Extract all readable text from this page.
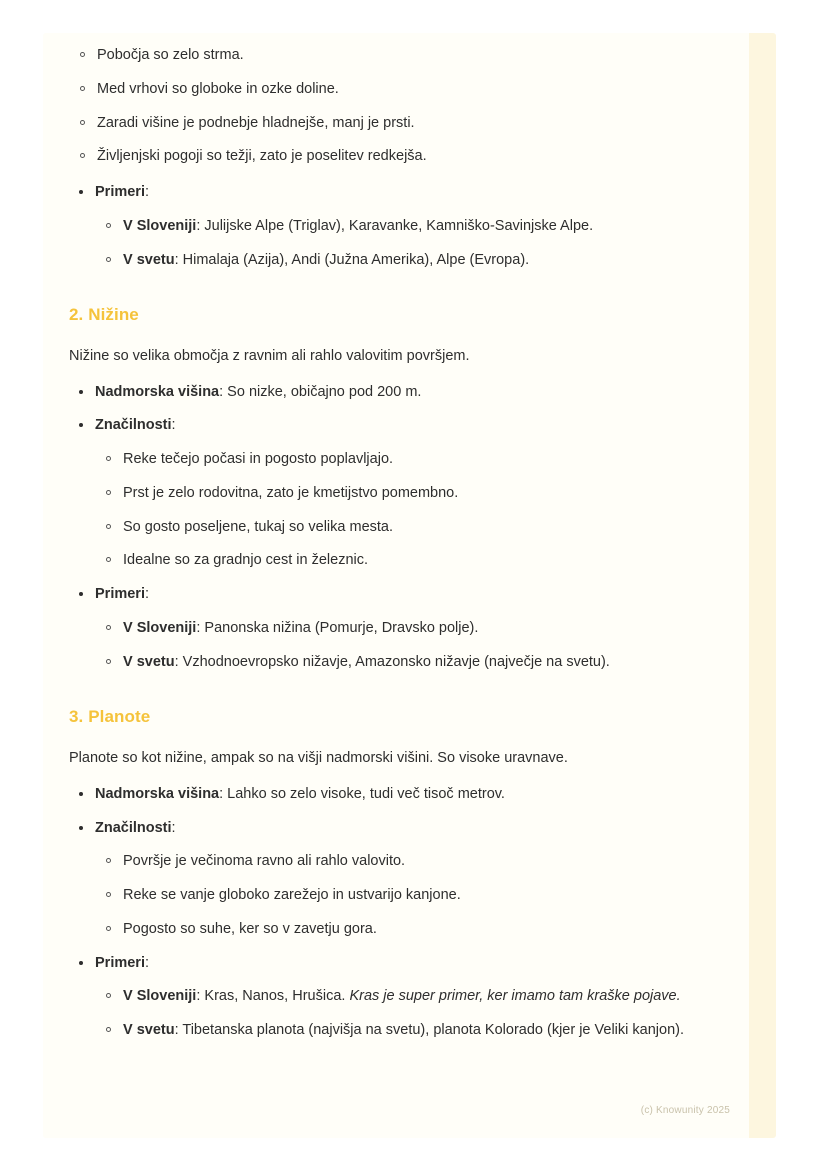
Pobočja so zelo strma.
Med vrhovi so globoke in ozke doline.
Zaradi višine je podnebje hladnejše, manj je prsti.
Življenjski pogoji so težji, zato je poselitev redkejša.
Primeri:
V Sloveniji: Julijske Alpe (Triglav), Karavanke, Kamniško-Savinjske Alpe.
V svetu: Himalaja (Azija), Andi (Južna Amerika), Alpe (Evropa).
2. Nižine

Nižine so velika območja z ravnim ali rahlo valovitim površjem.

Nadmorska višina: So nizke, običajno pod 200 m.
Značilnosti:
Reke tečejo počasi in pogosto poplavljajo.
Prst je zelo rodovitna, zato je kmetijstvo pomembno.
So gosto poseljene, tukaj so velika mesta.
Idealne so za gradnjo cest in železnic.
Primeri:
V Sloveniji: Panonska nižina (Pomurje, Dravsko polje).
V svetu: Vzhodnoevropsko nižavje, Amazonsko nižavje (največje na svetu).
3. Planote

Planote so kot nižine, ampak so na višji nadmorski višini. So visoke uravnave.

Nadmorska višina: Lahko so zelo visoke, tudi več tisoč metrov.
Značilnosti:
Površje je večinoma ravno ali rahlo valovito.
Reke se vanje globoko zarežejo in ustvarijo kanjone.
Pogosto so suhe, ker so v zavetju gora.
Primeri:
V Sloveniji: Kras, Nanos, Hrušica. Kras je super primer, ker imamo tam kraške pojave.
V svetu: Tibetanska planota (najvišja na svetu), planota Kolorado (kjer je Veliki kanjon).
(c) Knowunity 2025
